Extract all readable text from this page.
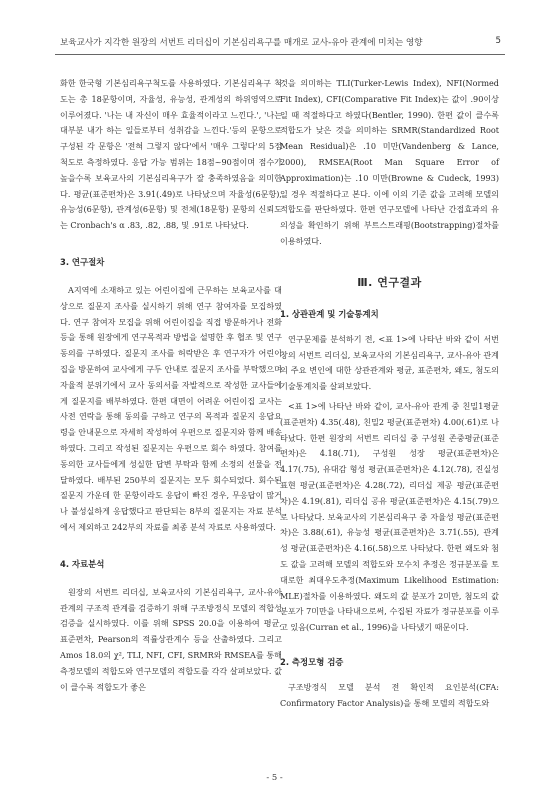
보육교사가 지각한 원장의 서번트 리더십이 기본심리욕구를 매개로 교사-유아 관계에 미치는 영향	5

화한 한국형 기본심리욕구척도를 사용하였다. 기본심리욕구 척도는 총 18문항이며, 자율성, 유능성, 관계성의 하위영역으로 이루어졌다. '나는 내 자신이 매우 효율적이라고 느낀다.', '나는 대부분 내가 하는 일들로부터 성취감을 느낀다.'등의 문항으로 구성된 각 문항은 '전혀 그렇지 않다'에서 '매우 그렇다'의 5점 척도로 측정하였다. 응답 가능 범위는 18점~90점이며 점수가 높을수록 보육교사의 기본심리욕구가 잘 충족하였음을 의미한다. 평균(표준편차)은 3.91(.49)로 나타났으며 자율성(6문항), 유능성(6문항), 관계성(6문항) 및 전체(18문항) 문항의 신뢰도는 Cronbach's α .83, .82, .88, 및 .91로 나타났다.

3. 연구절차

A지역에 소재하고 있는 어린이집에 근무하는 보육교사를 대상으로 질문지 조사를 실시하기 위해 연구 참여자를 모집하였다. 연구 참여자 모집을 위해 어린이집을 직접 방문하거나 전화 등을 통해 원장에게 연구목적과 방법을 설명한 후 협조 및 연구 동의를 구하였다. 질문지 조사를 허락받은 후 연구자가 어린이집을 방문하여 교사에게 구두 안내로 질문지 조사를 부탁했으며 자율적 분위기에서 교사 동의서를 자발적으로 작성한 교사들에게 질문지를 배부하였다. 한편 대면이 어려운 어린이집 교사는 사전 연락을 통해 동의를 구하고 연구의 목적과 질문지 응답요령을 안내문으로 자세히 작성하여 우편으로 질문지와 함께 배송하였다. 그리고 작성된 질문지는 우편으로 회수 하였다. 참여를 동의한 교사들에게 성실한 답변 부탁과 함께 소정의 선물을 전달하였다. 배부된 250부의 질문지는 모두 회수되었다. 회수된 질문지 가운데 한 문항이라도 응답이 빠진 경우, 무응답이 많거나 불성실하게 응답했다고 판단되는 8부의 질문지는 자료 분석에서 제외하고 242부의 자료를 최종 분석 자료로 사용하였다.

4. 자료분석

원장의 서번트 리더십, 보육교사의 기본심리욕구, 교사-유아 관계의 구조적 관계를 검증하기 위해 구조방정식 모델의 적합성 검증을 실시하였다. 이를 위해 SPSS 20.0을 이용하여 평균, 표준편차, Pearson의 적률상관계수 등을 산출하였다. 그리고 Amos 18.0의 χ², TLI, NFI, CFI, SRMR와 RMSEA를 통해 측정모델의 적합도와 연구모델의 적합도를 각각 살펴보았다. 값이 클수록 적합도가 좋은

것을 의미하는 TLI(Turker-Lewis Index), NFI(Normed Fit Index), CFI(Comparative Fit Index)는 값이 .90이상일 때 적절하다고 하였다(Bentler, 1990). 한편 값이 클수록 적합도가 낮은 것을 의미하는 SRMR(Standardized Root Mean Residual)은 .10 미만(Vandenberg & Lance, 2000), RMSEA(Root Man Square Error of Approximation)는 .10 미만(Browne & Cudeck, 1993)일 경우 적절하다고 본다. 이에 이의 기준 값을 고려해 모델의 적합도를 판단하였다. 한편 연구모델에 나타난 간접효과의 유의성을 확인하기 위해 부트스트래핑(Bootstrapping)절차를 이용하였다.

Ⅲ. 연구결과
1. 상관관계 및 기술통계치

연구문제를 분석하기 전, <표 1>에 나타난 바와 같이 서번창의 서번트 리더십, 보육교사의 기본심리욕구, 교사-유아 관계의 주요 변인에 대한 상관관계와 평균, 표준편차, 왜도, 첨도의 기술통계치를 살펴보았다.

<표 1>에 나타난 바와 같이, 교사-유아 관계 중 친밀1평균(표준편차) 4.35(.48), 친밀2 평균(표준편차) 4.00(.61)로 나타났다. 한편 원장의 서번트 리더십 중 구성원 존중평균(표준편차)은 4.18(.71), 구성원 성장 평균(표준편차)은 4.17(.75), 유대감 형성 평균(표준편차)은 4.12(.78), 진실성 표현 평균(표준편차)은 4.28(.72), 리더십 제공 평균(표준편차)은 4.19(.81), 리더십 공유 평균(표준편차)은 4.15(.79)으로 나타났다. 보육교사의 기본심리욕구 중 자율성 평균(표준편차)은 3.88(.61), 유능성 평균(표준편차)은 3.71(.55), 관계성 평균(표준편차)은 4.16(.58)으로 나타났다. 한편 왜도와 첨도 값을 고려해 모델의 적합도와 모수치 추정은 정규분포를 토대로한 최대우도추정(Maximum Likelihood Estimation: MLE)절차를 이용하였다. 왜도의 값 분포가 2미만, 첨도의 값 분포가 7미만을 나타내으로써, 수집된 자료가 정규분포를 이루고 있음(Curran et al., 1996)을 나타냈기 때문이다.

2. 측정모형 검증

구조방정식 모델 분석 전 확인적 요인분석(CFA: Confirmatory Factor Analysis)을 통해 모델의 적합도와

- 5 -
